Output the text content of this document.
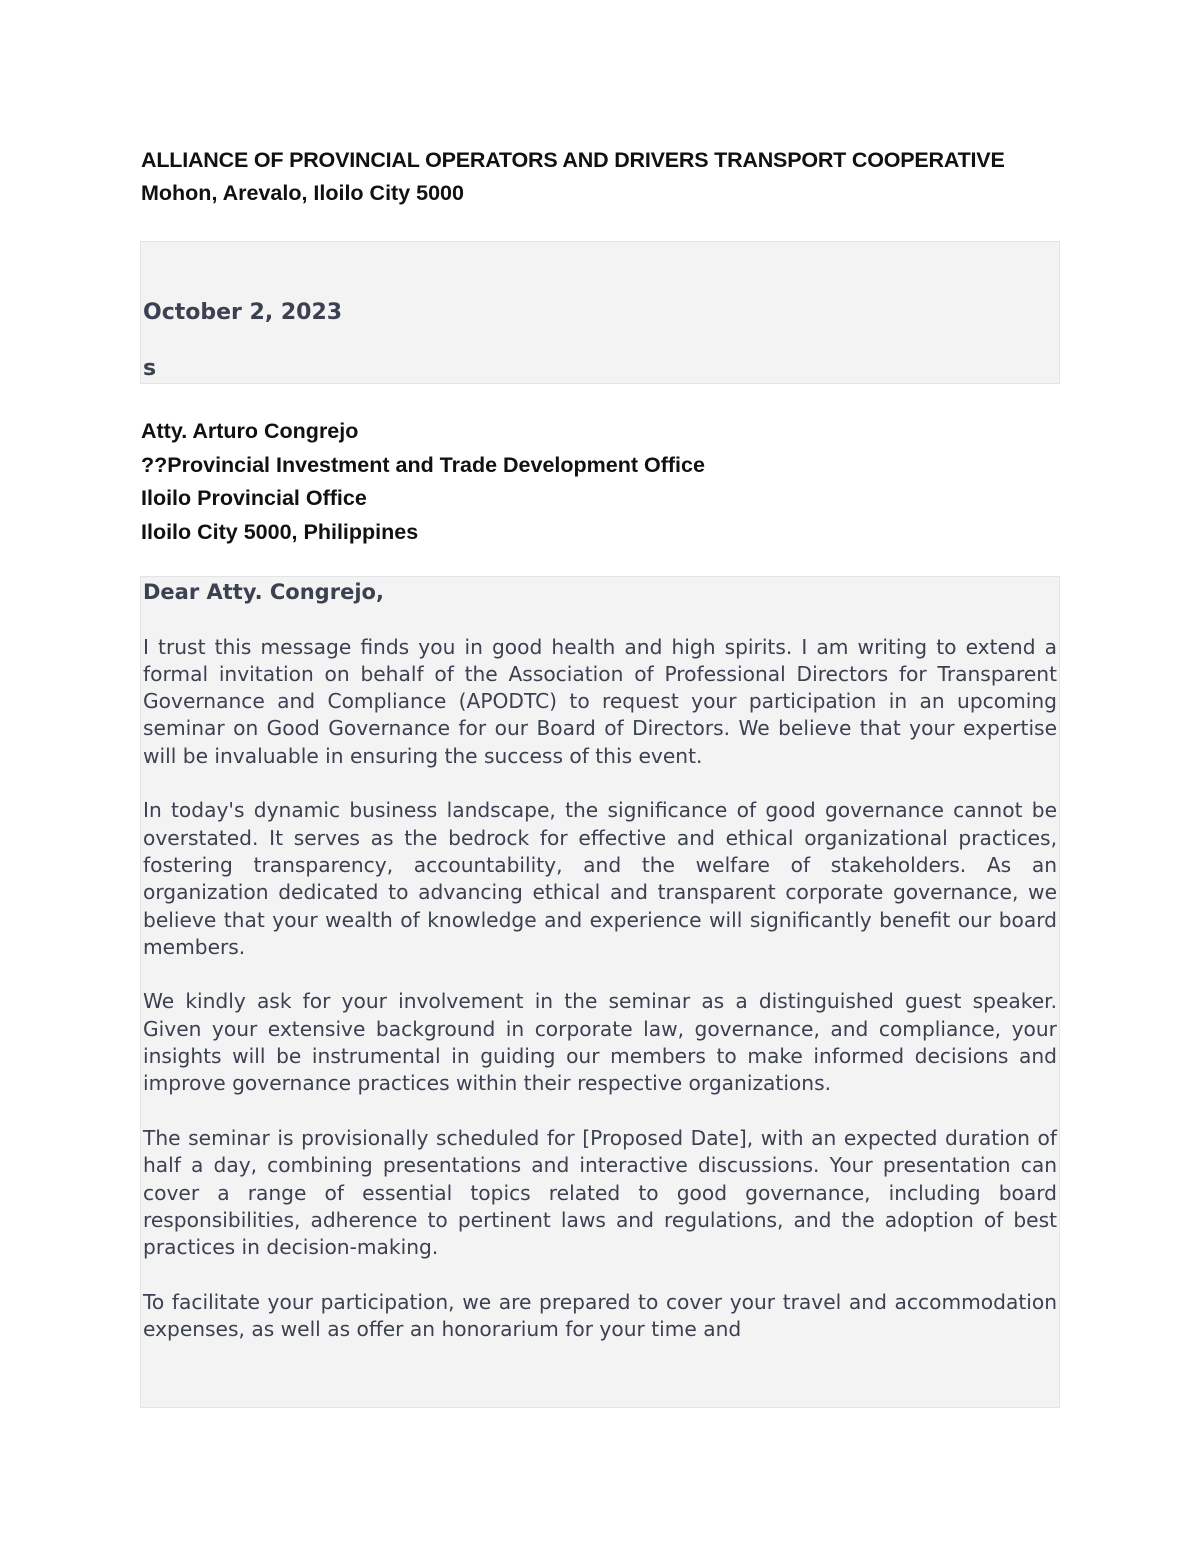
ALLIANCE OF PROVINCIAL OPERATORS AND DRIVERS TRANSPORT COOPERATIVE
Mohon, Arevalo, Iloilo City 5000
October 2, 2023
s
Atty. Arturo Congrejo
??Provincial Investment and Trade Development Office
Iloilo Provincial Office
Iloilo City 5000, Philippines
Dear Atty. Congrejo,

I trust this message finds you in good health and high spirits. I am writing to extend a formal invitation on behalf of the Association of Professional Directors for Transparent Governance and Compliance (APODTC) to request your participation in an upcoming seminar on Good Governance for our Board of Directors. We believe that your expertise will be invaluable in ensuring the success of this event.

In today's dynamic business landscape, the significance of good governance cannot be overstated. It serves as the bedrock for effective and ethical organizational practices, fostering transparency, accountability, and the welfare of stakeholders. As an organization dedicated to advancing ethical and transparent corporate governance, we believe that your wealth of knowledge and experience will significantly benefit our board members.

We kindly ask for your involvement in the seminar as a distinguished guest speaker. Given your extensive background in corporate law, governance, and compliance, your insights will be instrumental in guiding our members to make informed decisions and improve governance practices within their respective organizations.

The seminar is provisionally scheduled for [Proposed Date], with an expected duration of half a day, combining presentations and interactive discussions. Your presentation can cover a range of essential topics related to good governance, including board responsibilities, adherence to pertinent laws and regulations, and the adoption of best practices in decision-making.

To facilitate your participation, we are prepared to cover your travel and accommodation expenses, as well as offer an honorarium for your time and
